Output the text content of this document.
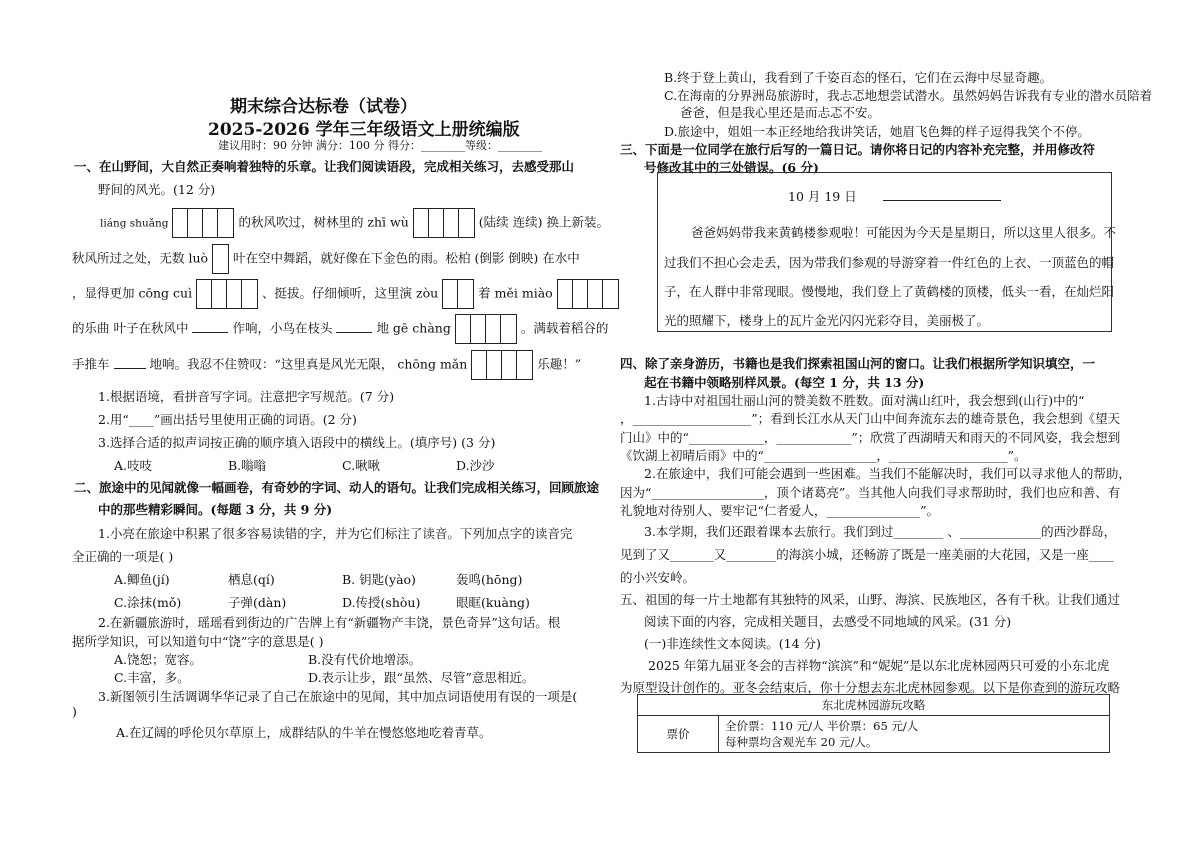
期末综合达标卷（试卷）
2025-2026 学年三年级语文上册统编版
建议用时：90 分钟 满分：100 分 得分：________等级：________
一、在山野间，大自然正奏响着独特的乐章。让我们阅读语段，完成相关练习，去感受那山
野间的风光。(12 分)
liáng shuǎng	的秋风吹过，树林里的 zhī wù	(陆续 连续) 换上新装。
秋风所过之处，无数 luò 叶在空中舞蹈，就好像在下金色的雨。松柏 (倒影 倒映) 在水中
，显得更加 cōng cuì	、挺拔。仔细倾听，这里演 zòu	着 měi miào
的乐曲 叶子在秋风中	作响，小鸟在枝头	地 gē chàng	。满载着稻谷的
手推车	地响。我忍不住赞叹：“这里真是风光无限， chōng mǎn	乐趣！”
1.根据语境，看拼音写字词。注意把字写规范。(7 分)
2.用“____”画出括号里使用正确的词语。(2 分)
3.选择合适的拟声词按正确的顺序填入语段中的横线上。(填序号) (3 分)
A.吱吱	B.嗡嗡	C.啾啾	D.沙沙
二、旅途中的见闻就像一幅画卷，有奇妙的字词、动人的语句。让我们完成相关练习，回顾旅途
中的那些精彩瞬间。(每题 3 分，共 9 分)
1.小亮在旅途中积累了很多容易读错的字，并为它们标注了读音。下列加点字的读音完
全正确的一项是( )
A.鲫鱼(jí)	栖息(qí)	B. 钥匙(yào)	轰鸣(hōng)
C.涂抹(mǒ)	子弹(dàn)	D.传授(shòu)	眼眶(kuàng)
2.在新疆旅游时，瑶瑶看到街边的广告牌上有“新疆物产丰饶，景色奇异”这句话。根
据所学知识，可以知道句中“饶”字的意思是( )
A.饶恕；宽容。	B.没有代价地增添。
C.丰富，多。	D.表示让步，跟“虽然、尽管”意思相近。
3.新图领引生活调调华华记录了自己在旅途中的见闻，其中加点词语使用有误的一项是(
)
A.在辽阔的呼伦贝尔草原上，成群结队的牛羊在慢悠悠地吃着青草。
B.终于登上黄山，我看到了千姿百态的怪石，它们在云海中尽显奇趣。
C.在海南的分界洲岛旅游时，我忐忑地想尝试潜水。虽然妈妈告诉我有专业的潜水员陪着
爸爸，但是我心里还是而忐忑不安。
D.旅途中，姐姐一本正经地给我讲笑话，她眉飞色舞的样子逗得我笑个不停。
三、下面是一位同学在旅行后写的一篇日记。请你将日记的内容补充完整，并用修改符
号修改其中的三处错误。(6 分)
10 月 19 日
爸爸妈妈带我来黄鹤楼参观啦！可能因为今天是星期日，所以这里人很多。不
过我们不担心会走丢，因为带我们参观的导游穿着一件红色的上衣、一顶蓝色的帽
子，在人群中非常现眼。慢慢地，我们登上了黄鹤楼的顶楼，低头一看，在灿烂阳
光的照耀下，楼身上的瓦片金光闪闪光彩夺目，美丽极了。
四、除了亲身游历，书籍也是我们探索祖国山河的窗口。让我们根据所学知识填空，一
起在书籍中领略别样风景。(每空 1 分，共 13 分)
1.古诗中对祖国壮丽山河的赞美数不胜数。面对满山红叶，我会想到(山行)中的“
，___________________”；看到长江水从天门山中间奔流东去的雄奇景色，我会想到《望天
门山》中的“____________，____________”；欣赏了西湖晴天和雨天的不同风姿，我会想到
《饮湖上初晴后雨》中的“__________________，___________________”。
2.在旅途中，我们可能会遇到一些困难。当我们不能解决时，我们可以寻求他人的帮助，
因为“__________________，顶个诸葛亮”。当其他人向我们寻求帮助时，我们也应和善、有
礼貌地对待别人、要牢记“仁者爱人，_______________”。
3.本学期，我们还跟着课本去旅行。我们到过________ 、_____________的西沙群岛，
见到了又_______又________的海滨小城，还畅游了既是一座美丽的大花园，又是一座____
的小兴安岭。
五、祖国的每一片土地都有其独特的风采，山野、海滨、民族地区，各有千秋。让我们通过
阅读下面的内容，完成相关题目，去感受不同地域的风采。(31 分)
(一)非连续性文本阅读。(14 分)
2025 年第九届亚冬会的吉祥物“滨滨”和“妮妮”是以东北虎林园两只可爱的小东北虎
为原型设计创作的。亚冬会结束后，你十分想去东北虎林园参观。以下是你查到的游玩攻略
东北虎林园游玩攻略
票价	
全价票：110 元/人 半价票：65 元/人
每种票均含观光车 20 元/人。
